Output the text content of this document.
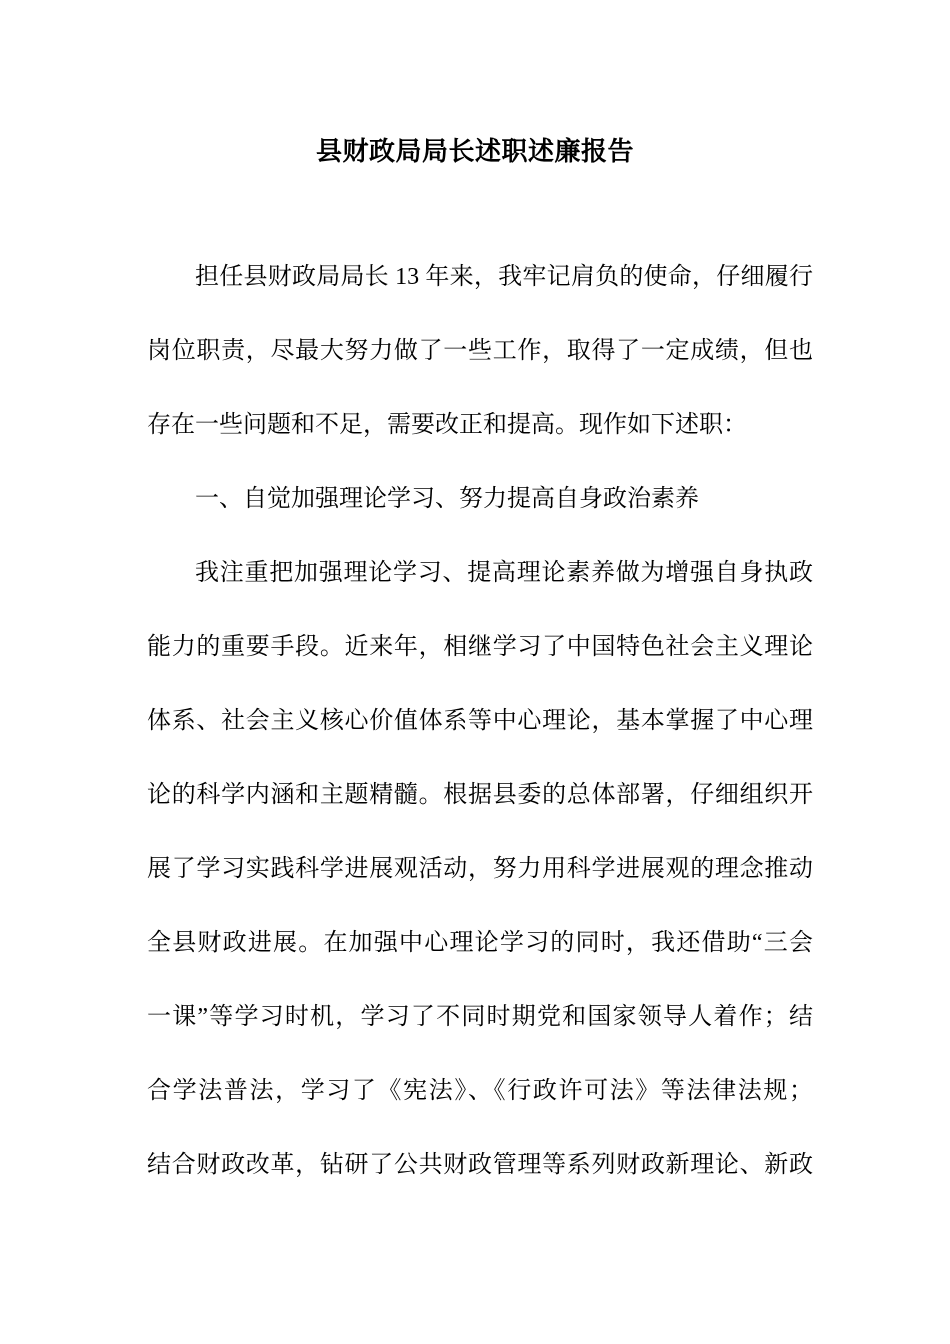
县财政局局长述职述廉报告
担任县财政局局长 13 年来，我牢记肩负的使命，仔细履行
岗位职责，尽最大努力做了一些工作，取得了一定成绩，但也
存在一些问题和不足，需要改正和提高。现作如下述职：
一、自觉加强理论学习、努力提高自身政治素养
我注重把加强理论学习、提高理论素养做为增强自身执政
能力的重要手段。近来年，相继学习了中国特色社会主义理论
体系、社会主义核心价值体系等中心理论，基本掌握了中心理
论的科学内涵和主题精髓。根据县委的总体部署，仔细组织开
展了学习实践科学进展观活动，努力用科学进展观的理念推动
全县财政进展。在加强中心理论学习的同时，我还借助“三会
一课”等学习时机，学习了不同时期党和国家领导人着作；结
合学法普法，学习了《宪法》、《行政许可法》等法律法规；
结合财政改革，钻研了公共财政管理等系列财政新理论、新政
